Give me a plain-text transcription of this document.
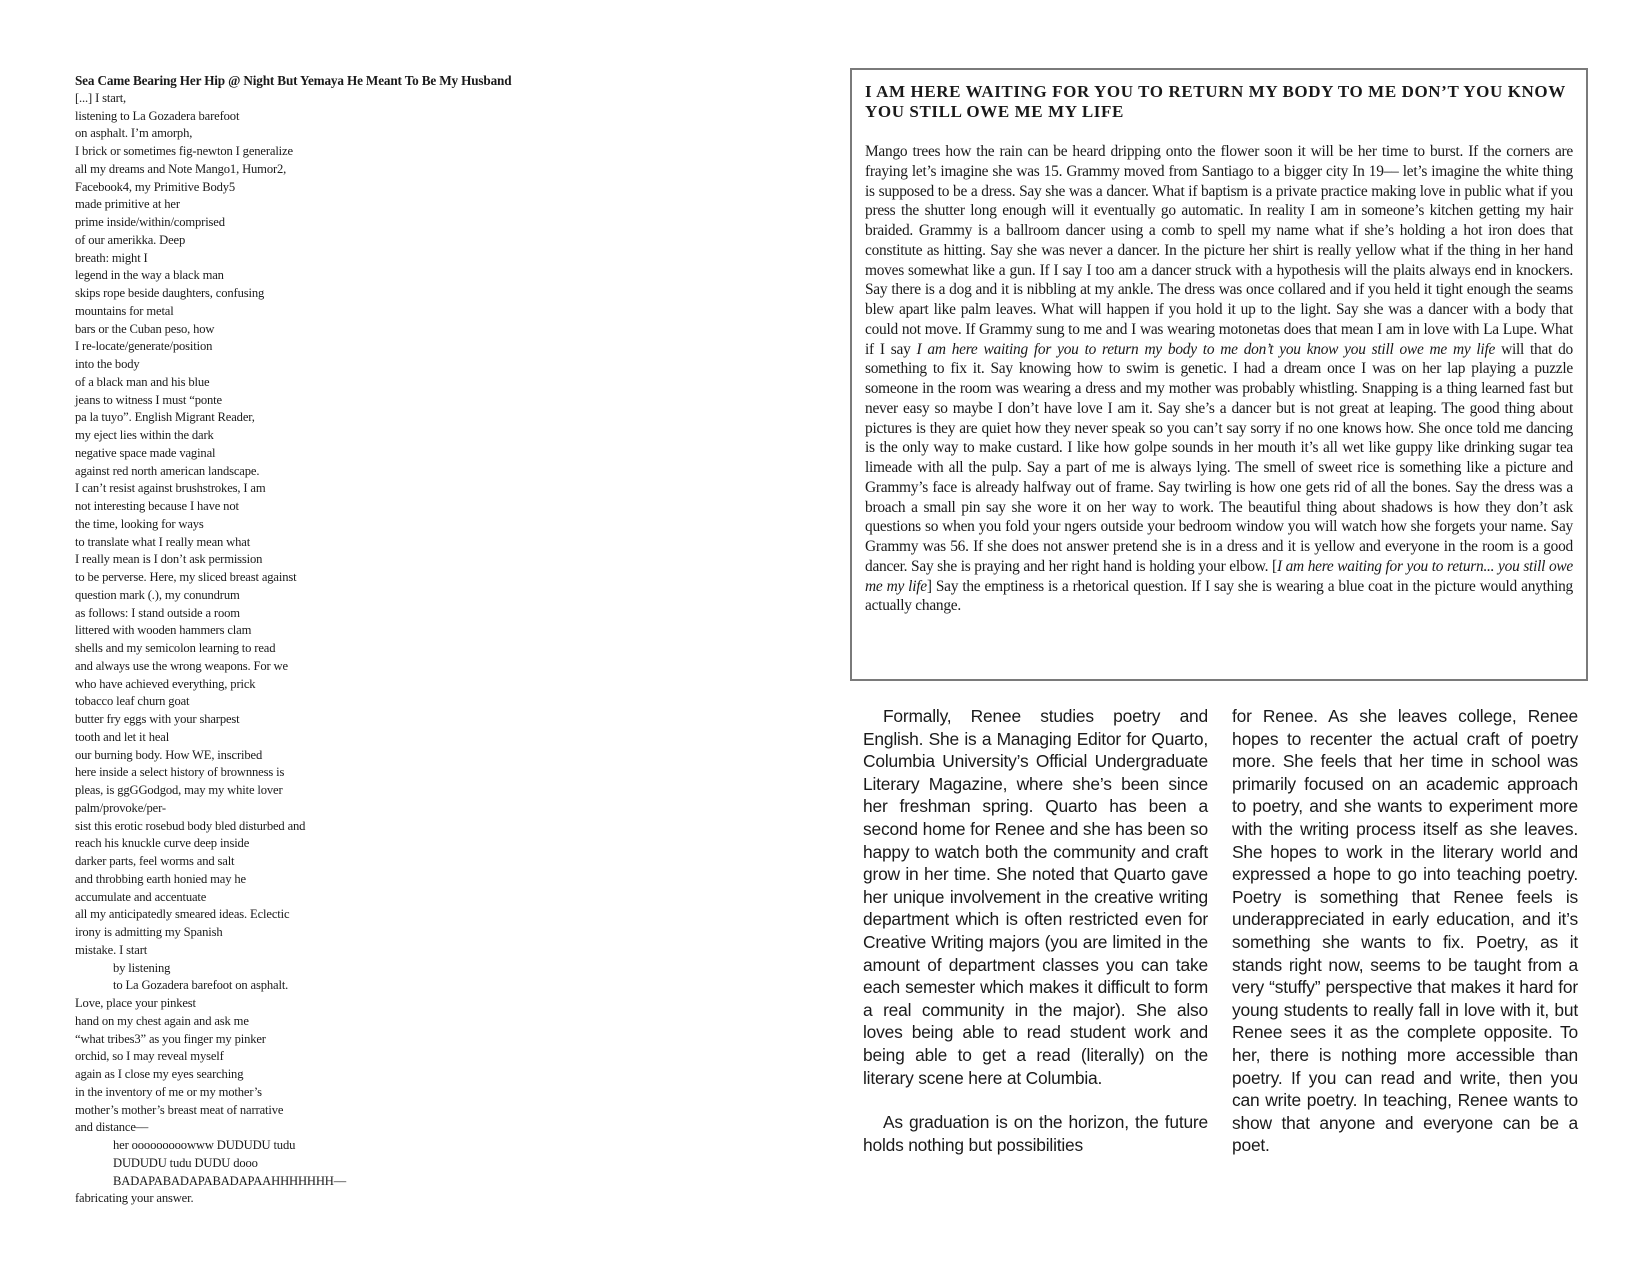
Sea Came Bearing Her Hip @ Night But Yemaya He Meant To Be My Husband
[...] I start,
listening to La Gozadera barefoot
on asphalt. I’m amorph,
I brick or sometimes fig-newton I generalize
all my dreams and Note Mango1, Humor2,
Facebook4, my Primitive Body5
made primitive at her
prime inside/within/comprised
of our amerikka. Deep
breath: might I
legend in the way a black man
skips rope beside daughters, confusing
mountains for metal
bars or the Cuban peso, how
I re-locate/generate/position
into the body
of a black man and his blue
jeans to witness I must “ponte
pa la tuyo”. English Migrant Reader,
my eject lies within the dark
negative space made vaginal
against red north american landscape.
I can’t resist against brushstrokes, I am
not interesting because I have not
the time, looking for ways
to translate what I really mean what
I really mean is I don’t ask permission
to be perverse. Here, my sliced breast against
question mark (.), my conundrum
as follows: I stand outside a room
littered with wooden hammers clam
shells and my semicolon learning to read
and always use the wrong weapons. For we
who have achieved everything, prick
tobacco leaf churn goat
butter fry eggs with your sharpest
tooth and let it heal
our burning body. How WE, inscribed
here inside a select history of brownness is
pleas, is ggGGodgod, may my white lover
palm/provoke/per-
sist this erotic rosebud body bled disturbed and
reach his knuckle curve deep inside
darker parts, feel worms and salt
and throbbing earth honied may he
accumulate and accentuate
all my anticipatedly smeared ideas. Eclectic
irony is admitting my Spanish
mistake. I start
by listening
to La Gozadera barefoot on asphalt.
Love, place your pinkest
hand on my chest again and ask me
“what tribes3” as you finger my pinker
orchid, so I may reveal myself
again as I close my eyes searching
in the inventory of me or my mother’s
mother’s mother’s breast meat of narrative
and distance––
her ooooooooowww DUDUDU tudu
DUDUDU tudu DUDU dooo
BADAPABADAPABADAPAAHHHHHHH––
fabricating your answer.
I AM HERE WAITING FOR YOU TO RETURN MY BODY TO ME DON’T YOU KNOW YOU STILL OWE ME MY LIFE
Mango trees how the rain can be heard dripping onto the flower soon it will be her time to burst. If the corners are fraying let’s imagine she was 15. Grammy moved from Santiago to a bigger city In 19–– let’s imagine the white thing is supposed to be a dress. Say she was a dancer. What if baptism is a private practice making love in public what if you press the shutter long enough will it eventually go automatic. In reality I am in someone’s kitchen getting my hair braided. Grammy is a ballroom dancer using a comb to spell my name what if she’s holding a hot iron does that constitute as hitting. Say she was never a dancer. In the picture her shirt is really yellow what if the thing in her hand moves somewhat like a gun. If I say I too am a dancer struck with a hypothesis will the plaits always end in knockers. Say there is a dog and it is nibbling at my ankle. The dress was once collared and if you held it tight enough the seams blew apart like palm leaves. What will happen if you hold it up to the light. Say she was a dancer with a body that could not move. If Grammy sung to me and I was wearing motonetas does that mean I am in love with La Lupe. What if I say I am here waiting for you to return my body to me don’t you know you still owe me my life will that do something to fix it. Say knowing how to swim is genetic. I had a dream once I was on her lap playing a puzzle someone in the room was wearing a dress and my mother was probably whistling. Snapping is a thing learned fast but never easy so maybe I don’t have love I am it. Say she’s a dancer but is not great at leaping. The good thing about pictures is they are quiet how they never speak so you can’t say sorry if no one knows how. She once told me dancing is the only way to make custard. I like how golpe sounds in her mouth it’s all wet like guppy like drinking sugar tea limeade with all the pulp. Say a part of me is always lying. The smell of sweet rice is something like a picture and Grammy’s face is already halfway out of frame. Say twirling is how one gets rid of all the bones. Say the dress was a broach a small pin say she wore it on her way to work. The beautiful thing about shadows is how they don’t ask questions so when you fold your ngers outside your bedroom window you will watch how she forgets your name. Say Grammy was 56. If she does not answer pretend she is in a dress and it is yellow and everyone in the room is a good dancer. Say she is praying and her right hand is holding your elbow. [I am here waiting for you to return... you still owe me my life] Say the emptiness is a rhetorical question. If I say she is wearing a blue coat in the picture would anything actually change.

Formally, Renee studies poetry and English. She is a Managing Editor for Quarto, Columbia University’s Official Undergraduate Literary Magazine, where she’s been since her freshman spring. Quarto has been a second home for Renee and she has been so happy to watch both the community and craft grow in her time. She noted that Quarto gave her unique involvement in the creative writing department which is often restricted even for Creative Writing majors (you are limited in the amount of department classes you can take each semester which makes it difficult to form a real community in the major). She also loves being able to read student work and being able to get a read (literally) on the literary scene here at Columbia.

As graduation is on the horizon, the future holds nothing but possibilities

for Renee. As she leaves college, Renee hopes to recenter the actual craft of poetry more. She feels that her time in school was primarily focused on an academic approach to poetry, and she wants to experiment more with the writing process itself as she leaves. She hopes to work in the literary world and expressed a hope to go into teaching poetry. Poetry is something that Renee feels is underappreciated in early education, and it’s something she wants to fix. Poetry, as it stands right now, seems to be taught from a very “stuffy” perspective that makes it hard for young students to really fall in love with it, but Renee sees it as the complete opposite. To her, there is nothing more accessible than poetry. If you can read and write, then you can write poetry. In teaching, Renee wants to show that anyone and everyone can be a poet.
